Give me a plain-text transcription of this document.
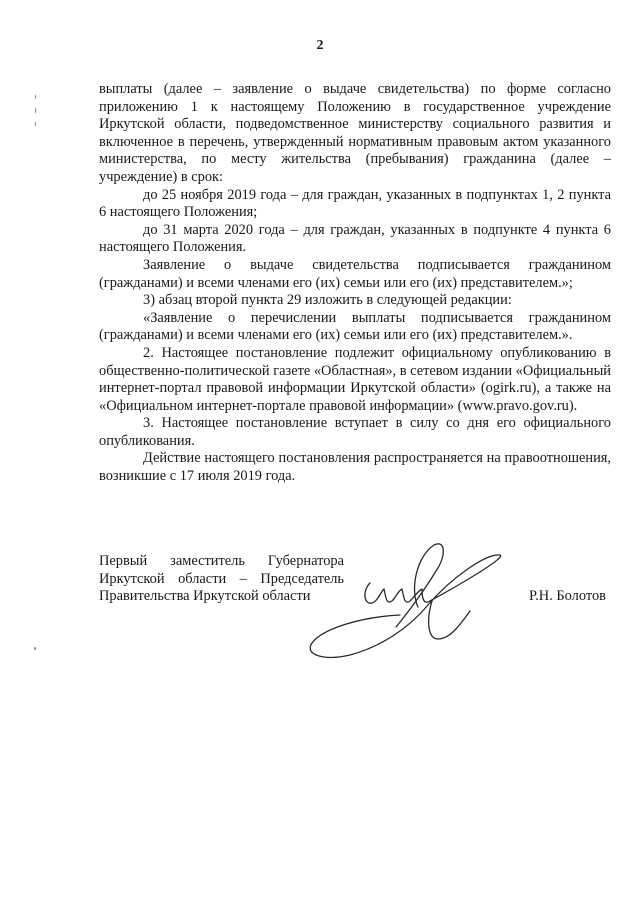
2

выплаты (далее – заявление о выдаче свидетельства) по форме согласно приложению 1 к настоящему Положению в государственное учреждение Иркутской области, подведомственное министерству социального развития и включенное в перечень, утвержденный нормативным правовым актом указанного министерства, по месту жительства (пребывания) гражданина (далее – учреждение) в срок:

до 25 ноября 2019 года – для граждан, указанных в подпунктах 1, 2 пункта 6 настоящего Положения;

до 31 марта 2020 года – для граждан, указанных в подпункте 4 пункта 6 настоящего Положения.

Заявление о выдаче свидетельства подписывается гражданином (гражданами) и всеми членами его (их) семьи или его (их) представителем.»;

3) абзац второй пункта 29 изложить в следующей редакции:

«Заявление о перечислении выплаты подписывается гражданином (гражданами) и всеми членами его (их) семьи или его (их) представителем.».

2. Настоящее постановление подлежит официальному опубликованию в общественно-политической газете «Областная», в сетевом издании «Официальный интернет-портал правовой информации Иркутской области» (ogirk.ru), а также на «Официальном интернет-портале правовой информации» (www.pravo.gov.ru).

3. Настоящее постановление вступает в силу со дня его официального опубликования.

Действие настоящего постановления распространяется на правоотношения, возникшие с 17 июля 2019 года.

Первый заместитель Губернатора
Иркутской области – Председатель
Правительства Иркутской области	Р.Н. Болотов
